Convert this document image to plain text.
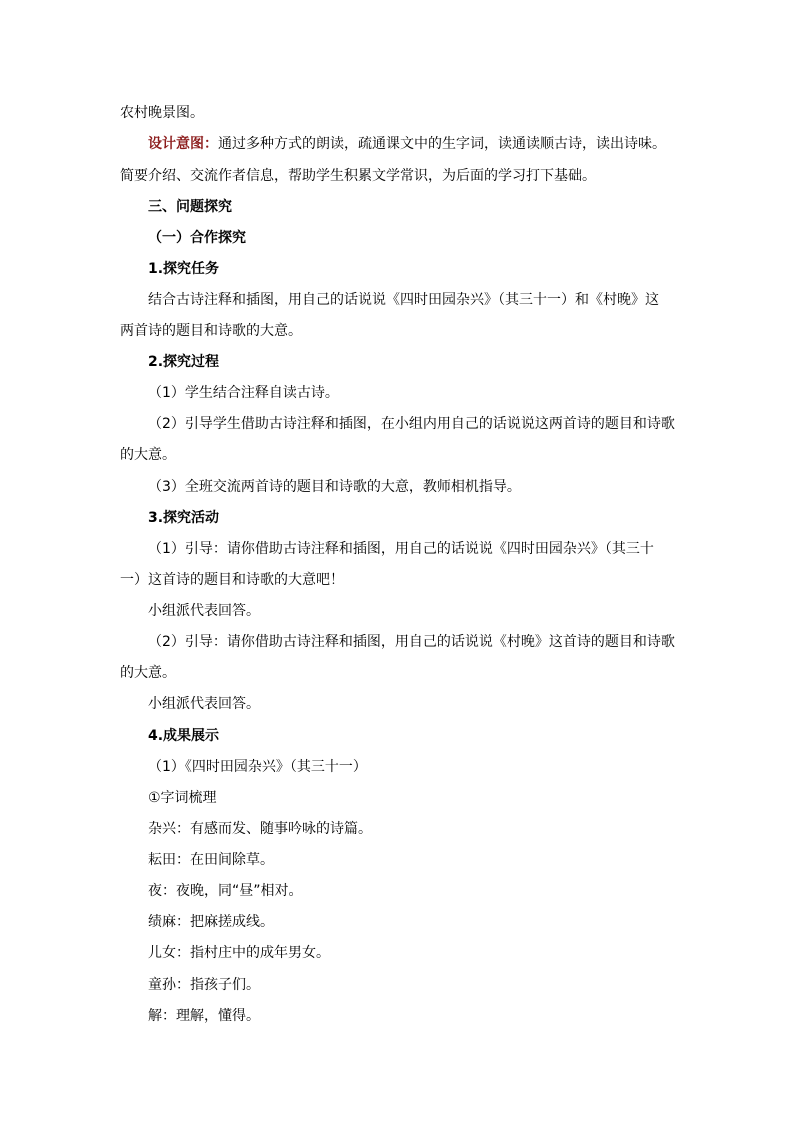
农村晚景图。
设计意图：通过多种方式的朗读，疏通课文中的生字词，读通读顺古诗，读出诗味。
简要介绍、交流作者信息，帮助学生积累文学常识，为后面的学习打下基础。
三、问题探究
（一）合作探究
1.探究任务
结合古诗注释和插图，用自己的话说说《四时田园杂兴》（其三十一）和《村晚》这
两首诗的题目和诗歌的大意。
2.探究过程
（1）学生结合注释自读古诗。
（2）引导学生借助古诗注释和插图，在小组内用自己的话说说这两首诗的题目和诗歌
的大意。
（3）全班交流两首诗的题目和诗歌的大意，教师相机指导。
3.探究活动
（1）引导：请你借助古诗注释和插图，用自己的话说说《四时田园杂兴》（其三十
一）这首诗的题目和诗歌的大意吧！
小组派代表回答。
（2）引导：请你借助古诗注释和插图，用自己的话说说《村晚》这首诗的题目和诗歌
的大意。
小组派代表回答。
4.成果展示
（1）《四时田园杂兴》（其三十一）
①字词梳理
杂兴：有感而发、随事吟咏的诗篇。
耘田：在田间除草。
夜：夜晚，同“昼”相对。
绩麻：把麻搓成线。
儿女：指村庄中的成年男女。
童孙：指孩子们。
解：理解，懂得。
